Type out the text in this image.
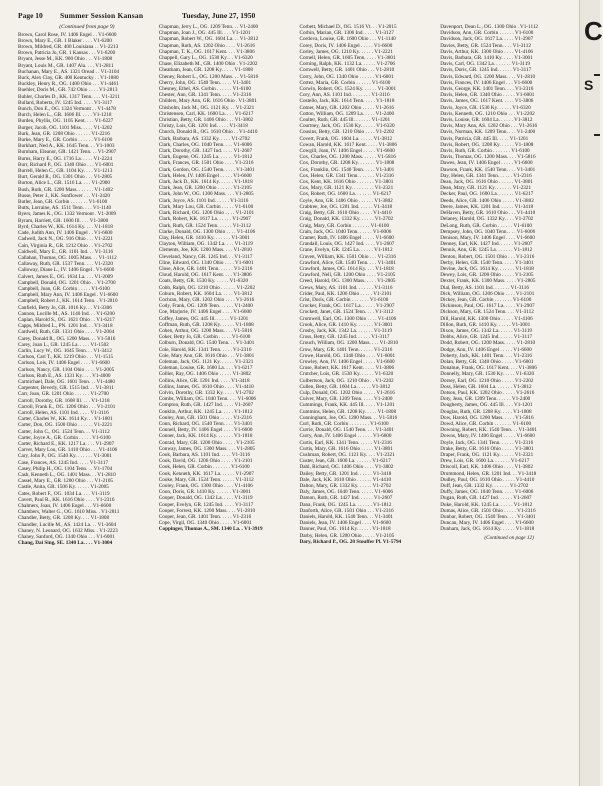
Page 10 Summer Session Kansan	Tuesday, June 27, 1950
(Continued from page 9)
Brown, Carol Rose, IV. 1406 Engel . . V1-6600
Brown, Mary E., GR. 1 Blaker . . . . V1-6200
Brown, Mildred, GR. 400 Louisiana . . V1-2213
Brown, Patricia Jo, GR. 1 Kansas . . . V1-6200
Bryant, Jesse M., KK. 900 Ohio . . . V1-1808
Bryant, Louis M., GR. 1407 Ala. . . . V1-2811
Buchanan, Mary E., AS. 1321 Oread . . V1-3104
Buck, Alex Clay, GR. 400 Kentucky . . V1-1880
Buckley, Henry R., OG. 1400 Ohio . . . V1-4461
Buehler, Doris M., GR. 742 Ohio . . . . V1-2813
Buhler, Charles D., KK. 1317 Tenn. . . . V1-3211
Bullard, Roberta, IV. 1245 Ind. . . . . V1-3117
Bunch, Don E., OG. 1324 Vermont . . V1-4478
Burch, Helen L., GR. 1606 Ill. . . . . V1-1218
Burden, Phyllis, OG. 1105 Kent. . . . V1-6227
Burger, Jacob, OG. 1101 Miss. . . . . V1-3202
Burk, Jean, GR. 1208 Ohio . . . . . . V1-2216
Burke, Mary E., GR. Corbin . . . . . . V1-6100
Burkhart, Ned A., KK. 1645 Tenn. . . V1-1003
Burnham, Eleanor, GR. 1421 Tenn. . . V1-2907
Burns, Harry E., OG. 1716 La. . . . . V1-2224
Burr, Richard P., OG. 1340 Ohio . . . V1-6001
Burrell, Helen C., GR. 1104 Ky. . . . V1-1213
Burt, Gerald R., OG. 1301 Ohio . . . V1-2805
Burton, Alice L., GR. 1516 La. . . . V1-2900
Bush, Ruth, GR. 1200 Mass. . . . . . . V1-1402
Busse, Peter J., KK. Sunflower . . . V1-2420
Butler, Jean, GR. Corbin . . . . . . . V1-6100
Butts, Lorraine, AS. 1511 Tenn. . . . V1-1140
Byers, James K., OG. 1332 Vermont . V1-2009
Byram, Harriett, GR. 1600 Ill. . . . V1-3800
Byrd, Charles W., KK. 1614 Ky. . . . V1-1818
Cade, Judith Ann, IV. 1406 Engel . . V1-6600
Cadwell, Jack N., OG. 916 Ohio . . . V1-2221
Cain, Virginia R., GR. 1212 Ohio . . V1-2702
Caldwell, Mary E., GR. 1101 Ind. . . V1-3116
Callahan, Thomas, OG. 1005 Mass. . . V1-1112
Callaway, Ruth, GR. 1537 Tenn. . . . V1-2320
Calloway, Diane L., IV. 1406 Engel . V1-6600
Calvert, James E., OG. 1634 La. . . . V1-2009
Campbell, Donald, OG. 1201 Ohio . . V1-2700
Campbell, Joan, GR. Corbin . . . . . V1-6100
Campbell, Mary Ann, IV. 1406 Engel . V1-6600
Campbell, Robert J., KK. 1614 Tenn. . V1-2810
Canfield, Betty Jo, GR. 1016 Ky. . . V1-3306
Cannon, Lucille M., AS. 1140 Ind. . . V1-6200
Caplan, Harold S., OG. 1621 Ohio . . V1-6217
Capps, Mildred L., PN. 1201 Ind. . . V1-3418
Cardwell, Ruth, GR. 1331 Ohio . . . . V1-2004
Carey, Donald R., OG. 1200 Mass. . . V1-5816
Carey, Joan L., GR. 1245 La. . . . . V1-1502
Carlin, Lucy W., OG. 1645 Tenn. . . V1-3412
Carlson, Carl T., KK. 1219 Ohio . . . V1-1515
Carlson, Lois, IV. 1406 Engel . . . . V1-6600
Carlson, Nancy, GR. 1104 Ohio . . . . V1-2005
Carlson, Ruth E., AS. 1331 Ky. . . . V1-4000
Carmichael, Dale, OG. 1601 Tenn. . . V1-4480
Carpenter, Beverly, GR. 1515 Ind. . . V1-3811
Carr, Joan, GR. 1201 Ohio . . . . . . V1-2700
Carroll, Dorothy, GR. 1608 Ill. . . . V1-1218
Carroll, Frank E., OG. 1206 Ohio . . . V1-2101
Carroll, Helen, AS. 1101 Ind. . . . . V1-3116
Carter, Charles W., KK. 1614 Ky. . . V1-1801
Carter, Don, OG. 1500 Ohio . . . . . . V1-2221
Carter, John C., OG. 1524 Tenn. . . V1-3112
Carter, Joyce A., GR. Corbin . . . . . V1-6100
Carter, Richard E., KK. 1217 La. . . . V1-2907
Carver, Mary Lou, GR. 1410 Ohio . . . V1-4106
Cary, John P., OG. 1540 Ky. . . . . . . V1-3001
Case, Frances, AS. 1245 Ind. . . . . V1-3117
Casey, Philip H., OG. 1104 Tenn. . . V1-1704
Cash, Kenneth L., OG. 1401 Mass. . . V1-2810
Cassel, Mary E., GR. 1200 Ohio . . . V1-2105
Castle, Anita, GR. 1506 Ky. . . . . . V1-2005
Cates, Robert F., OG. 1034 La. . . . V1-3119
Cavert, Paul R., KK. 1616 Ohio . . . . V1-2316
Chalmers, Joan, IV. 1406 Engel . . . V1-6600
Chambers, Walter G., OG. 1610 Miss. . V1-2811
Chandler, Betty, GR. 1208 Ky. . . . V1-1808
Chandler, Lucille M., AS. 1424 La. . . V1-3604
Chaney, N. Leonard, OG. 1632 Miss. . V1-2223
Chaney, Sanford, OG. 1340 Ohio . . . V1-6001
Chang, Dai Sing, SE. 1340 La. . . . V1-3004
Chapman, Jerry L., OG. 1209 Tenn. . . V1-2400
Chapman, Joan J., OG. 445 Ill. . . . V1-1201
Chapman, Robert W., OG. 1604 La. . . V1-3812
Chapman, Ruth, AS. 1202 Ohio . . . . V1-2616
Chapman, T. K., OG. 1617 Kent. . . . V1-3806
Chappell, Gary L., OG. 1530 Ky. . . V1-6320
Chase, Elizabeth M., GR. 1400 Ohio . V1-2202
Cheatham, Jean, GR. 1208 Ky. . . . . V1-1808
Cheney, Robert L., OG. 1200 Mass. . . V1-5816
Cherry, John, OG. 1540 Tenn. . . . . V1-3401
Chesney, Ethel, AS. Corbin . . . . . . V1-6100
Chester, Ann, GR. 1341 Tenn. . . . . V1-2316
Childers, Mary Ann, GR. 1616 Ohio . V1-3801
Chisholm, Jack M., OG. 1121 Ky. . . V1-2321
Christensen, Carl, KK. 1600 La. . . . V1-6217
Christian, Betty, GR. 1406 Ohio . . . V1-3802
Christy, Lois, GR. 1201 Ind. . . . . V1-3418
Church, Donald R., OG. 1610 Ohio . . V1-4410
Clark, Barbara, AS. 1332 Ky. . . . . V1-2702
Clark, Charles, OG. 1040 Tenn. . . . V1-6006
Clark, Dorothy, GR. 1427 Ind. . . . . V1-2607
Clark, Eugene, OG. 1245 La. . . . . . V1-1812
Clark, Frances, GR. 1501 Ohio . . . . V1-2316
Clark, Gordon, OG. 1540 Tenn. . . . . V1-3401
Clark, Helen, IV. 1406 Engel . . . . . V1-6600
Clark, Jack D., KK. 1614 Ky. . . . . . V1-1818
Clark, Jean, GR. 1200 Ohio . . . . . . V1-2105
Clark, John W., OG. 1300 Mass. . . . V1-2805
Clark, Joyce, AS. 1101 Ind. . . . . . V1-3116
Clark, Mary Lou, GR. Corbin . . . . . V1-6100
Clark, Richard, OG. 1206 Ohio . . . . V1-2101
Clark, Robert, KK. 1617 La. . . . . . V1-2907
Clark, Ruth, GR. 1524 Tenn. . . . . . V1-3112
Clarke, Donald, OG. 1300 Ohio . . . . V1-4106
Clay, Helen, GR. 1410 Ky. . . . . . . V1-3001
Clayton, William, OG. 1342 La. . . . V1-3119
Clements, Joe, KK. 1200 Mass. . . . V1-2810
Cleveland, Nancy, GR. 1245 Ind. . . V1-3117
Cline, Edward, OG. 1340 Ohio . . . . V1-6001
Close, Alice, GR. 1401 Tenn. . . . . . V1-2316
Cloud, Harold, OG. 1617 Kent. . . . V1-3806
Coats, Betty, GR. 1530 Ky. . . . . . V1-6320
Cobb, Ralph, OG. 1210 Ohio . . . . . . V1-2202
Coburn, Robert, KK. 1604 La. . . . . V1-3812
Cochran, Mary, GR. 1202 Ohio . . . . V1-2616
Cody, Frank, OG. 1209 Tenn. . . . . . V1-2400
Coe, Marjorie, IV. 1406 Engel . . . . V1-6600
Coffey, James, OG. 445 Ill. . . . . . V1-1201
Coffman, Ruth, GR. 1208 Ky. . . . . . V1-1808
Cohen, Arthur, OG. 1200 Mass. . . . V1-5816
Coker, Betty Jo, GR. Corbin . . . . . V1-6100
Colburn, Donald, OG. 1540 Tenn. . . V1-3401
Cole, Harold, KK. 1341 Tenn. . . . . V1-2316
Cole, Mary Ann, GR. 1616 Ohio . . . V1-3801
Coleman, Jack, OG. 1121 Ky. . . . . . V1-2321
Coleman, Louise, GR. 1600 La. . . . V1-6217
Collier, Ray, OG. 1406 Ohio . . . . . V1-3802
Collins, Alice, GR. 1201 Ind. . . . . V1-3418
Collins, James, OG. 1610 Ohio . . . . V1-4410
Colvin, Dorothy, GR. 1332 Ky. . . . . V1-2702
Combs, William, OG. 1040 Tenn. . . . V1-6006
Compton, Ruth, GR. 1427 Ind. . . . . V1-2607
Conklin, Arthur, KK. 1245 La. . . . . V1-1812
Conley, Ann, GR. 1501 Ohio . . . . . V1-2316
Conn, Richard, OG. 1540 Tenn. . . . V1-3401
Connell, Betty, IV. 1406 Engel . . . . V1-6600
Conner, Jack, KK. 1614 Ky. . . . . . . V1-1818
Conrad, Mary, GR. 1200 Ohio . . . . . V1-2105
Conway, James, OG. 1300 Mass. . . . V1-2805
Cook, Barbara, AS. 1101 Ind. . . . . V1-3116
Cook, David, OG. 1206 Ohio . . . . . V1-2101
Cook, Helen, GR. Corbin . . . . . . . V1-6100
Cook, Kenneth, KK. 1617 La. . . . . . V1-2907
Cooke, Mary, GR. 1524 Tenn. . . . . . V1-3112
Cooley, Frank, OG. 1300 Ohio . . . . V1-4106
Coon, Doris, GR. 1410 Ky. . . . . . . V1-3001
Cooper, Donald, OG. 1342 La. . . . . V1-3119
Cooper, Evelyn, GR. 1245 Ind. . . . . V1-3117
Cooper, Forrest, KK. 1200 Mass. . . . V1-2810
Cooper, Jean, GR. 1401 Tenn. . . . . V1-2316
Cope, Virgil, OG. 1340 Ohio . . . . . V1-6001
Coppinger, Thomas A., SM. 1340 La. . V1-3919
Corbett, Michael D., OG. 1516 Vt. . . V1-2015
Corbin, Marian, GR. 1306 Ind. . . . . V1-3127
Cordova, Louise, GR. 1600 Ohio . . . V1-1140
Corey, Doris, IV. 1406 Engel . . . . . V1-6600
Corley, James, OG. 1210 Ky. . . . . . V1-2221
Cornell, Helen, GR. 1605 Tenn. . . . . V1-3801
Corning, Ralph, KK. 1132 La. . . . . . V1-2706
Cornwell, Betty, GR. 1401 Ohio . . . V1-2810
Corry, John, OG. 1340 Ohio . . . . . . V1-6001
Cortez, Maria, GR. Corbin . . . . . . V1-6100
Corwin, Robert, OG. 1524 Ky. . . . . . V1-3001
Cory, Ann, AS. 1101 Ind. . . . . . . . V1-3116
Costello, Jack, KK. 1614 Tenn. . . . . V1-1818
Cotner, Mary, GR. 1202 Ohio . . . . . V1-2616
Cotton, William, OG. 1209 La. . . . . V1-2400
Coulter, Ruth, GR. 445 Ill. . . . . . . V1-1201
Courtney, Jack, OG. 1530 Ky. . . . . . V1-6320
Cousins, Betty, GR. 1210 Ohio . . . . V1-2202
Covert, Frank, OG. 1604 La. . . . . . V1-3812
Cowan, Harold, KK. 1617 Kent. . . . . V1-3806
Cowgill, Joan, IV. 1406 Engel . . . . . V1-6600
Cox, Charles, OG. 1200 Mass. . . . . . V1-5816
Cox, Dorothy, GR. 1208 Ky. . . . . . . V1-1808
Cox, Franklin, OG. 1540 Tenn. . . . . V1-3401
Cox, Helen, GR. 1341 Tenn. . . . . . . V1-2316
Cox, Kent, KK. 1616 Ohio . . . . . . . V1-3801
Cox, Mary, GR. 1121 Ky. . . . . . . . . V1-2321
Cox, Robert, OG. 1600 La. . . . . . . V1-6217
Coyle, Ann, GR. 1406 Ohio . . . . . . V1-3802
Crabtree, Joe, OG. 1201 Ind. . . . . . V1-3418
Craig, Betty, GR. 1610 Ohio . . . . . V1-4410
Craig, Donald, KK. 1332 Ky. . . . . . V1-2702
Craig, Mary, GR. Corbin . . . . . . . V1-6100
Crain, Jack, OG. 1040 Tenn. . . . . . V1-6006
Cramer, Ruth, IV. 1406 Engel . . . . . V1-6600
Crandall, Louis, OG. 1427 Ind. . . . . V1-2607
Crane, Evelyn, GR. 1245 La. . . . . . V1-1812
Craven, William, KK. 1501 Ohio . . . V1-2316
Crawford, Alice, GR. 1540 Tenn. . . . V1-3401
Crawford, James, OG. 1614 Ky. . . . V1-1818
Crawford, Nell, GR. 1200 Ohio . . . . V1-2105
Creed, Harold, OG. 1300 Mass. . . . . V1-2805
Crews, Mary, AS. 1101 Ind. . . . . . . V1-3116
Crider, Paul, KK. 1206 Ohio . . . . . V1-2101
Crist, Doris, GR. Corbin . . . . . . . V1-6100
Crocker, Frank, OG. 1617 La. . . . . . V1-2907
Crockett, Janet, GR. 1524 Tenn. . . . V1-3112
Cromwell, Earl, OG. 1300 Ohio . . . . V1-4106
Crook, Alice, GR. 1410 Ky. . . . . . . V1-3001
Crosby, Jack, KK. 1342 La. . . . . . . V1-3119
Cross, Betty, GR. 1245 Ind. . . . . . V1-3117
Crouch, William, OG. 1200 Mass. . . . V1-2810
Crow, Mary, GR. 1401 Tenn. . . . . . V1-2316
Crowe, Harold, OG. 1340 Ohio . . . . V1-6001
Crowley, Ann, IV. 1406 Engel . . . . . V1-6600
Cruse, Robert, KK. 1617 Kent. . . . . V1-3806
Crutcher, Lois, GR. 1530 Ky. . . . . . V1-6320
Culbertson, Jack, OG. 1210 Ohio . . V1-2202
Cullen, Betty, GR. 1604 La. . . . . . V1-3812
Culp, Donald, OG. 1202 Ohio . . . . . V1-2616
Culver, Mary, GR. 1209 Tenn. . . . . V1-2400
Cummings, Frank, KK. 445 Ill. . . . . V1-1201
Cummins, Helen, GR. 1208 Ky. . . . . V1-1808
Cunningham, Joe, OG. 1200 Mass. . . V1-5816
Curl, Ruth, GR. Corbin . . . . . . . . V1-6100
Currie, Donald, OG. 1540 Tenn. . . . V1-3401
Curry, Ann, IV. 1406 Engel . . . . . . V1-6600
Curtis, Earl, KK. 1341 Tenn. . . . . . V1-2316
Curtis, Mary, GR. 1616 Ohio . . . . . V1-3801
Cushman, Robert, OG. 1121 Ky. . . . V1-2321
Custer, Jean, GR. 1600 La. . . . . . . V1-6217
Dahl, Richard, OG. 1406 Ohio . . . . V1-3802
Dailey, Betty, GR. 1201 Ind. . . . . . V1-3418
Dale, Jack, KK. 1610 Ohio . . . . . . V1-4410
Dalton, Mary, GR. 1332 Ky. . . . . . V1-2702
Daly, James, OG. 1040 Tenn. . . . . . V1-6006
Damon, Ruth, GR. 1427 Ind. . . . . . V1-2607
Dana, Frank, OG. 1245 La. . . . . . . V1-1812
Danforth, Alice, GR. 1501 Ohio . . . V1-2316
Daniels, Harold, KK. 1540 Tenn. . . V1-3401
Daniels, Jean, IV. 1406 Engel . . . . V1-6600
Danner, Paul, OG. 1614 Ky. . . . . . V1-1818
Darby, Helen, GR. 1200 Ohio . . . . . V1-2105
Dary, Richard P., OG. 20 Stouffer Pl. V1-5794
Davenport, Dean L., OG. 1300 Ohio . V1-1112
Davidson, Ann, GR. Corbin . . . . . . V1-6100
Davidson, Jack, OG. 1617 La. . . . . V1-2907
Davies, Betty, GR. 1524 Tenn. . . . V1-3112
Davis, Arthur, KK. 1300 Ohio . . . . V1-4106
Davis, Barbara, GR. 1410 Ky. . . . . V1-3001
Davis, Carl, OG. 1342 La. . . . . . . V1-3119
Davis, Doris, GR. 1245 Ind. . . . . . V1-3117
Davis, Edward, OG. 1200 Mass. . . . V1-2810
Davis, Frances, IV. 1406 Engel . . . V1-6600
Davis, George, KK. 1401 Tenn. . . . V1-2316
Davis, Helen, GR. 1340 Ohio . . . . . V1-6001
Davis, James, OG. 1617 Kent. . . . . V1-3806
Davis, Joyce, GR. 1530 Ky. . . . . . V1-6320
Davis, Kenneth, OG. 1210 Ohio . . . V1-2202
Davis, Louise, GR. 1604 La. . . . . . V1-3812
Davis, Mary Ann, AS. 1202 Ohio . . . V1-2616
Davis, Norman, KK. 1209 Tenn. . . . V1-2400
Davis, Patricia, GR. 445 Ill. . . . . V1-1201
Davis, Robert, OG. 1208 Ky. . . . . . V1-1808
Davis, Ruth, GR. Corbin . . . . . . . V1-6100
Davis, Thomas, OG. 1200 Mass. . . . V1-5816
Dawes, Jean, IV. 1406 Engel . . . . . V1-6600
Dawson, Frank, KK. 1540 Tenn. . . . V1-3401
Day, Helen, GR. 1341 Tenn. . . . . . V1-2316
Dean, Jack, OG. 1616 Ohio . . . . . . V1-3801
Dean, Mary, GR. 1121 Ky. . . . . . . V1-2321
Decker, Paul, OG. 1600 La. . . . . . . V1-6217
Deeds, Alice, GR. 1406 Ohio . . . . . V1-3802
Deere, James, KK. 1201 Ind. . . . . . V1-3418
DeHaven, Betty, GR. 1610 Ohio . . . V1-4410
Delaney, Harold, OG. 1332 Ky. . . . V1-2702
DeLong, Ruth, GR. Corbin . . . . . . V1-6100
Dempsey, John, OG. 1040 Tenn. . . . V1-6006
Denison, Mary, IV. 1406 Engel . . . . V1-6600
Denney, Earl, KK. 1427 Ind. . . . . . V1-2607
Dennis, Ann, GR. 1245 La. . . . . . . V1-1812
Denton, Robert, OG. 1501 Ohio . . . V1-2316
Derby, Helen, GR. 1540 Tenn. . . . . V1-3401
Devine, Jack, OG. 1614 Ky. . . . . . . V1-1818
Dewey, Lois, GR. 1200 Ohio . . . . . V1-2105
Dexter, Frank, KK. 1300 Mass. . . . . V1-2805
Dial, Betty, AS. 1101 Ind. . . . . . . V1-3116
Dick, William, OG. 1206 Ohio . . . . V1-2101
Dickey, Jean, GR. Corbin . . . . . . . V1-6100
Dickinson, Paul, OG. 1617 La. . . . . V1-2907
Dickson, Mary, GR. 1524 Tenn. . . . V1-3112
Dill, Harold, KK. 1300 Ohio . . . . . V1-4106
Dillon, Ruth, GR. 1410 Ky. . . . . . V1-3001
Dixon, James, OG. 1342 La. . . . . . V1-3119
Dobbs, Alice, GR. 1245 Ind. . . . . . V1-3117
Dodd, Robert, OG. 1200 Mass. . . . . V1-2810
Dodge, Ann, IV. 1406 Engel . . . . . V1-6600
Doherty, Jack, KK. 1401 Tenn. . . . V1-2316
Dolan, Betty, GR. 1340 Ohio . . . . . V1-6001
Donahue, Frank, OG. 1617 Kent. . . . V1-3806
Donnelly, Mary, GR. 1530 Ky. . . . . V1-6320
Dorsey, Earl, OG. 1210 Ohio . . . . . V1-2202
Doss, Helen, GR. 1604 La. . . . . . . V1-3812
Dotson, Paul, KK. 1202 Ohio . . . . . V1-2616
Doty, Jean, GR. 1209 Tenn. . . . . . V1-2400
Dougherty, James, OG. 445 Ill. . . . V1-1201
Douglas, Ruth, GR. 1208 Ky. . . . . V1-1808
Dow, Harold, OG. 1200 Mass. . . . . V1-5816
Dowd, Alice, GR. Corbin . . . . . . . V1-6100
Downing, Robert, KK. 1540 Tenn. . . V1-3401
Downs, Mary, IV. 1406 Engel . . . . . V1-6600
Doyle, Jack, OG. 1341 Tenn. . . . . . V1-2316
Drake, Betty, GR. 1616 Ohio . . . . . V1-3801
Draper, Frank, OG. 1121 Ky. . . . . . V1-2321
Drew, Lois, GR. 1600 La. . . . . . . V1-6217
Driscoll, Earl, KK. 1406 Ohio . . . . V1-3802
Drummond, Helen, GR. 1201 Ind. . . V1-3418
Dudley, Paul, OG. 1610 Ohio . . . . . V1-4410
Duff, Jean, GR. 1332 Ky. . . . . . . V1-2702
Duffy, James, OG. 1040 Tenn. . . . . V1-6006
Dugan, Ruth, GR. 1427 Ind. . . . . . V1-2607
Duke, Harold, KK. 1245 La. . . . . . V1-1812
Dumas, Alice, GR. 1501 Ohio . . . . . V1-2316
Dunbar, Robert, OG. 1540 Tenn. . . . V1-3401
Duncan, Mary, IV. 1406 Engel . . . . V1-6600
Dunham, Jack, OG. 1614 Ky. . . . . . V1-1818
(Continued on page 12)
C
S
